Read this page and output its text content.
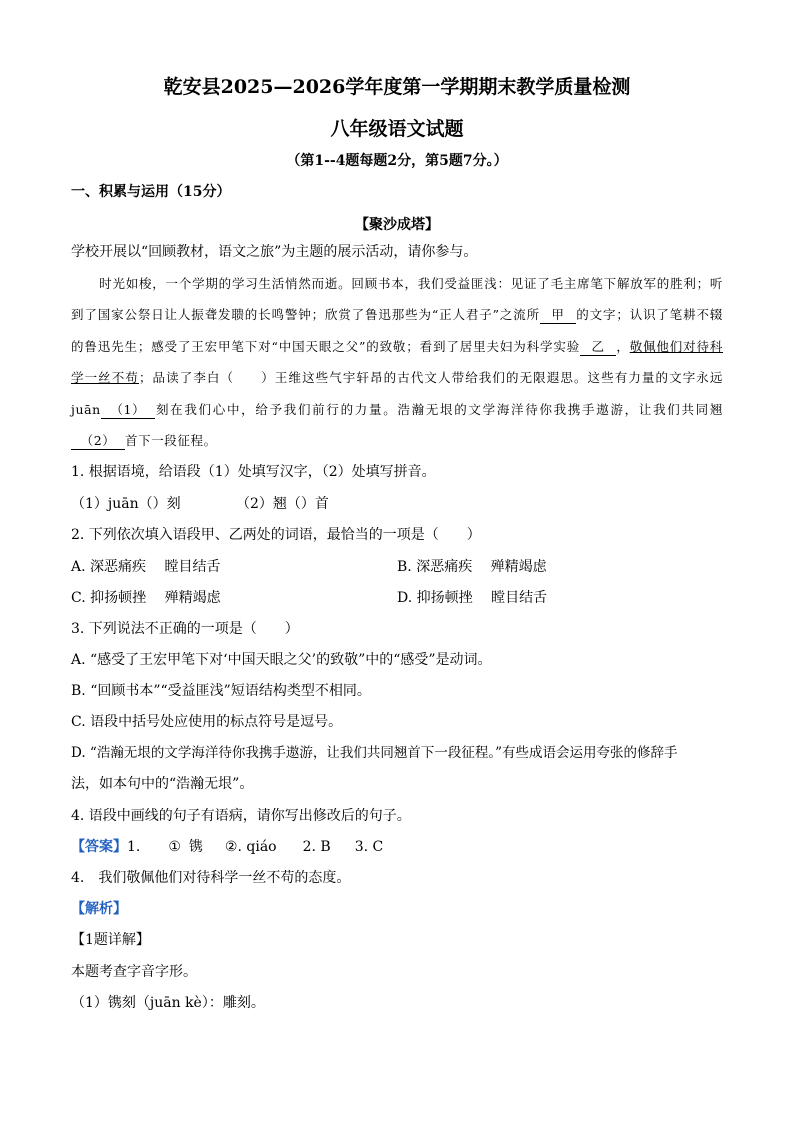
乾安县2025—2026学年度第一学期期末教学质量检测
八年级语文试题
（第1--4题每题2分，第5题7分。）
一、积累与运用（15分）
【聚沙成塔】
学校开展以“回顾教材，语文之旅”为主题的展示活动，请你参与。
时光如梭，一个学期的学习生活悄然而逝。回顾书本，我们受益匪浅：见证了毛主席笔下解放军的胜利；听到了国家公祭日让人振聋发聩的长鸣警钟；欣赏了鲁迅那些为“正人君子”之流所 甲 的文字；认识了笔耕不辍的鲁迅先生；感受了王宏甲笔下对“中国天眼之父”的致敬；看到了居里夫妇为科学实验 乙 ，敬佩他们对待科学一丝不苟；品读了李白（　　）王维这些气宇轩昂的古代文人带给我们的无限遐思。这些有力量的文字永远juān （1） 刻在我们心中，给予我们前行的力量。浩瀚无垠的文学海洋待你我携手遨游，让我们共同翘（2） 首下一段征程。
1. 根据语境，给语段（1）处填写汉字，（2）处填写拼音。
（1）juān（）刻	（2）翘（）首
2. 下列依次填入语段甲、乙两处的词语，最恰当的一项是（　　）
A. 深恶痛疾　 瞠目结舌	B. 深恶痛疾　 殚精竭虑
C. 抑扬顿挫　 殚精竭虑	D. 抑扬顿挫　 瞠目结舌
3. 下列说法不正确的一项是（　　）
A. “感受了王宏甲笔下对‘中国天眼之父’的致敬”中的“感受”是动词。
B. “回顾书本”“受益匪浅”短语结构类型不相同。
C. 语段中括号处应使用的标点符号是逗号。
D. “浩瀚无垠的文学海洋待你我携手遨游，让我们共同翘首下一段征程。”有些成语会运用夸张的修辞手
法，如本句中的“浩瀚无垠”。
4. 语段中画线的句子有语病，请你写出修改后的句子。
【答案】1. ① 镌 ②. qiáo 2. B 3. C
4.　我们敬佩他们对待科学一丝不苟的态度。
【解析】
【1题详解】
本题考查字音字形。
（1）镌刻（juān kè）：雕刻。
